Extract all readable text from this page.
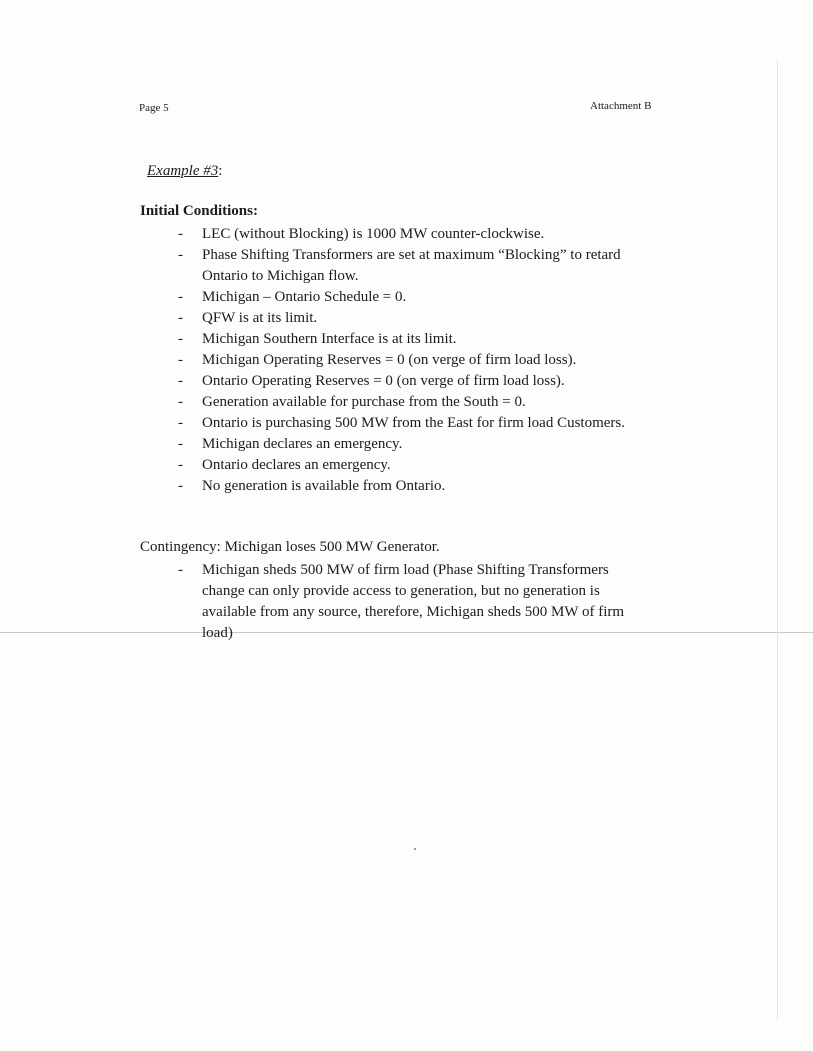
Page 5	Attachment B
Example #3:
Initial Conditions:
- LEC (without Blocking) is 1000 MW counter-clockwise.
- Phase Shifting Transformers are set at maximum “Blocking” to retard Ontario to Michigan flow.
- Michigan – Ontario Schedule = 0.
- QFW is at its limit.
- Michigan Southern Interface is at its limit.
- Michigan Operating Reserves = 0 (on verge of firm load loss).
- Ontario Operating Reserves = 0 (on verge of firm load loss).
- Generation available for purchase from the South = 0.
- Ontario is purchasing 500 MW from the East for firm load Customers.
- Michigan declares an emergency.
- Ontario declares an emergency.
- No generation is available from Ontario.
Contingency: Michigan loses 500 MW Generator.
- Michigan sheds 500 MW of firm load (Phase Shifting Transformers change can only provide access to generation, but no generation is available from any source, therefore, Michigan sheds 500 MW of firm load)
